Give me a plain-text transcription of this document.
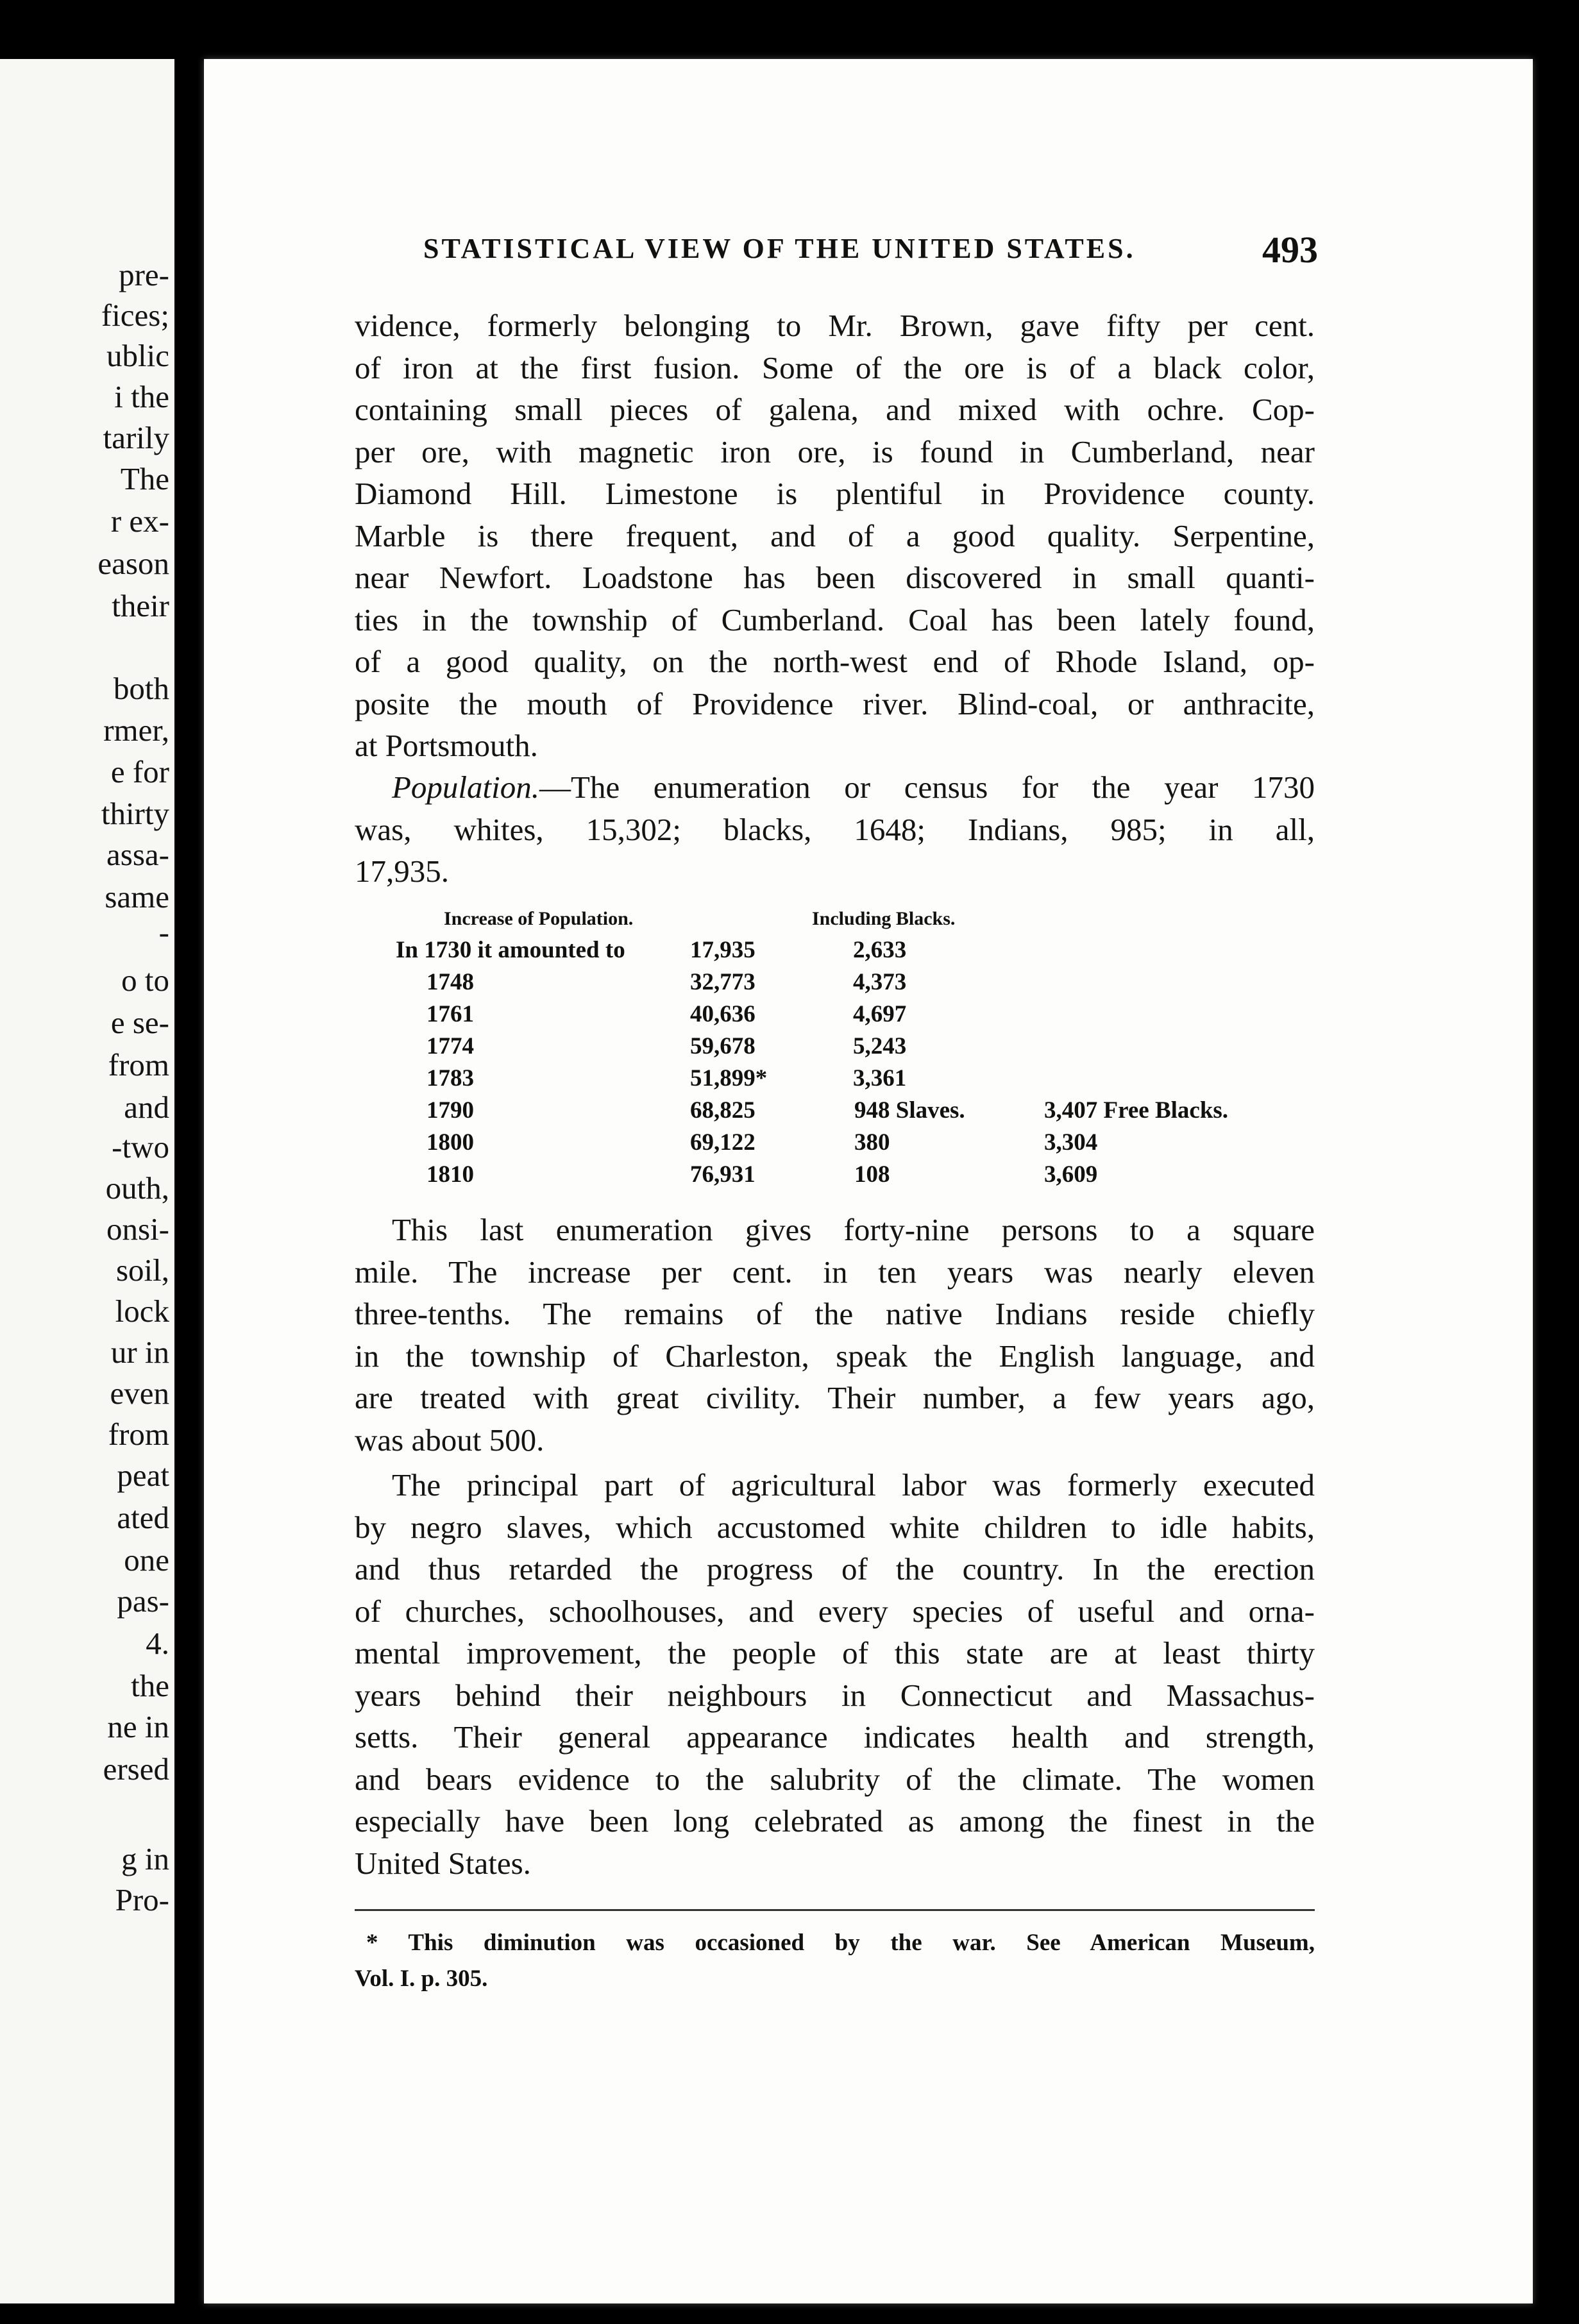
pre-
fices;
ublic
i the
tarily
The
r ex-
eason
their
both
rmer,
e for
thirty
assa-
same
-
o to
e se-
from
and
-two
outh,
onsi-
soil,
lock
ur in
even
from
peat
ated
one
pas-
4.
the
ne in
ersed
g in
Pro-
STATISTICAL VIEW OF THE UNITED STATES.	493
vidence, formerly belonging to Mr. Brown, gave fifty per cent.
of iron at the first fusion. Some of the ore is of a black color,
containing small pieces of galena, and mixed with ochre. Cop-
per ore, with magnetic iron ore, is found in Cumberland, near
Diamond Hill. Limestone is plentiful in Providence county.
Marble is there frequent, and of a good quality. Serpentine,
near Newfort. Loadstone has been discovered in small quanti-
ties in the township of Cumberland. Coal has been lately found,
of a good quality, on the north-west end of Rhode Island, op-
posite the mouth of Providence river. Blind-coal, or anthracite,
at Portsmouth.
Population.—The enumeration or census for the year 1730
was, whites, 15,302; blacks, 1648; Indians, 985; in all,
17,935.
Increase of Population.	Including Blacks.
In 1730 it amounted to	17,935	2,633
1748	32,773	4,373
1761	40,636	4,697
1774	59,678	5,243
1783	51,899*	3,361
1790	68,825	948 Slaves.	3,407 Free Blacks.
1800	69,122	380	3,304
1810	76,931	108	3,609
This last enumeration gives forty-nine persons to a square
mile. The increase per cent. in ten years was nearly eleven
three-tenths. The remains of the native Indians reside chiefly
in the township of Charleston, speak the English language, and
are treated with great civility. Their number, a few years ago,
was about 500.
The principal part of agricultural labor was formerly executed
by negro slaves, which accustomed white children to idle habits,
and thus retarded the progress of the country. In the erection
of churches, schoolhouses, and every species of useful and orna-
mental improvement, the people of this state are at least thirty
years behind their neighbours in Connecticut and Massachus-
setts. Their general appearance indicates health and strength,
and bears evidence to the salubrity of the climate. The women
especially have been long celebrated as among the finest in the
United States.
* This diminution was occasioned by the war. See American Museum,
Vol. I. p. 305.
